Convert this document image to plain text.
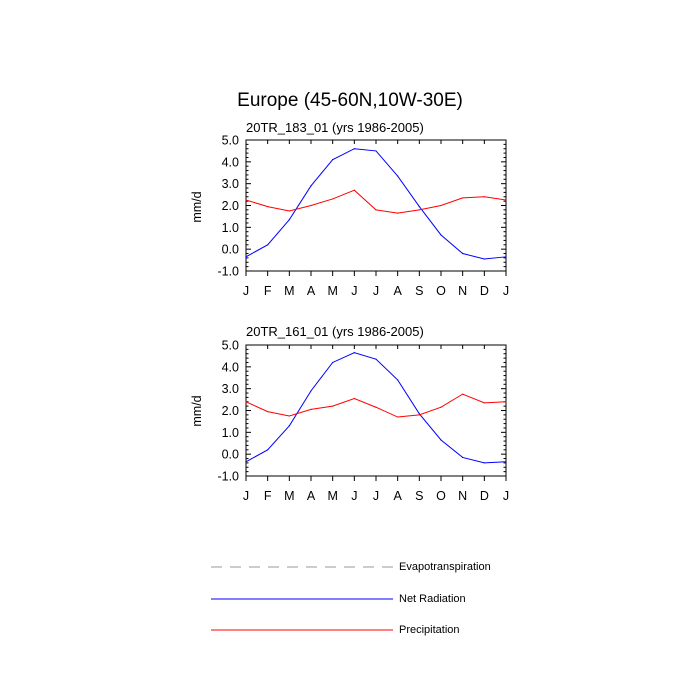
Europe (45-60N,10W-30E)
20TR_183_01 (yrs 1986-2005)
mm/d
-1.0
0.0
1.0
2.0
3.0
4.0
5.0
J F M A M J J A S O N D J
20TR_161_01 (yrs 1986-2005)
mm/d
-1.0
0.0
1.0
2.0
3.0
4.0
5.0
J F M A M J J A S O N D J
Evapotranspiration
Net Radiation
Precipitation
